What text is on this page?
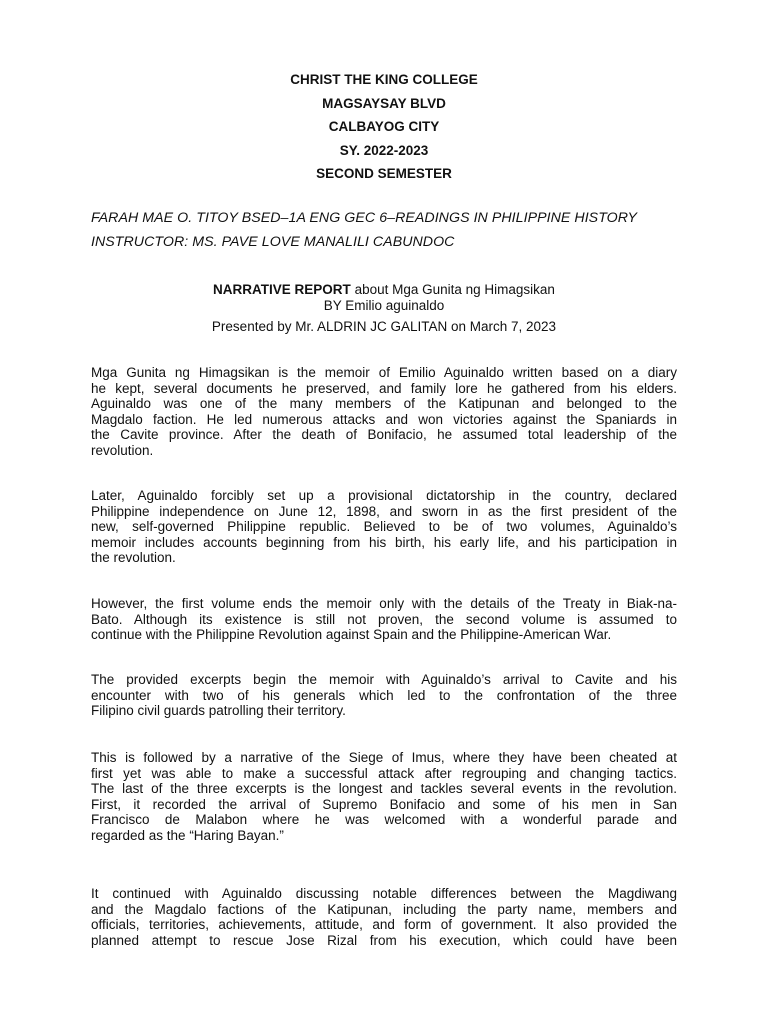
CHRIST THE KING COLLEGE
MAGSAYSAY BLVD
CALBAYOG CITY
SY. 2022-2023
SECOND SEMESTER
FARAH MAE O. TITOY BSED–1A ENG GEC 6–READINGS IN PHILIPPINE HISTORY
INSTRUCTOR: MS. PAVE LOVE MANALILI CABUNDOC
NARRATIVE REPORT about Mga Gunita ng Himagsikan
BY Emilio aguinaldo
Presented by Mr. ALDRIN JC GALITAN on March 7, 2023
Mga Gunita ng Himagsikan is the memoir of Emilio Aguinaldo written based on a diary
he kept, several documents he preserved, and family lore he gathered from his elders.
Aguinaldo was one of the many members of the Katipunan and belonged to the
Magdalo faction. He led numerous attacks and won victories against the Spaniards in
the Cavite province. After the death of Bonifacio, he assumed total leadership of the
revolution.
Later, Aguinaldo forcibly set up a provisional dictatorship in the country, declared
Philippine independence on June 12, 1898, and sworn in as the first president of the
new, self-governed Philippine republic. Believed to be of two volumes, Aguinaldo’s
memoir includes accounts beginning from his birth, his early life, and his participation in
the revolution.
However, the first volume ends the memoir only with the details of the Treaty in Biak-na-
Bato. Although its existence is still not proven, the second volume is assumed to
continue with the Philippine Revolution against Spain and the Philippine-American War.
The provided excerpts begin the memoir with Aguinaldo’s arrival to Cavite and his
encounter with two of his generals which led to the confrontation of the three
Filipino civil guards patrolling their territory.
This is followed by a narrative of the Siege of Imus, where they have been cheated at
first yet was able to make a successful attack after regrouping and changing tactics.
The last of the three excerpts is the longest and tackles several events in the revolution.
First, it recorded the arrival of Supremo Bonifacio and some of his men in San
Francisco de Malabon where he was welcomed with a wonderful parade and
regarded as the “Haring Bayan.”
It continued with Aguinaldo discussing notable differences between the Magdiwang
and the Magdalo factions of the Katipunan, including the party name, members and
officials, territories, achievements, attitude, and form of government. It also provided the
planned attempt to rescue Jose Rizal from his execution, which could have been
